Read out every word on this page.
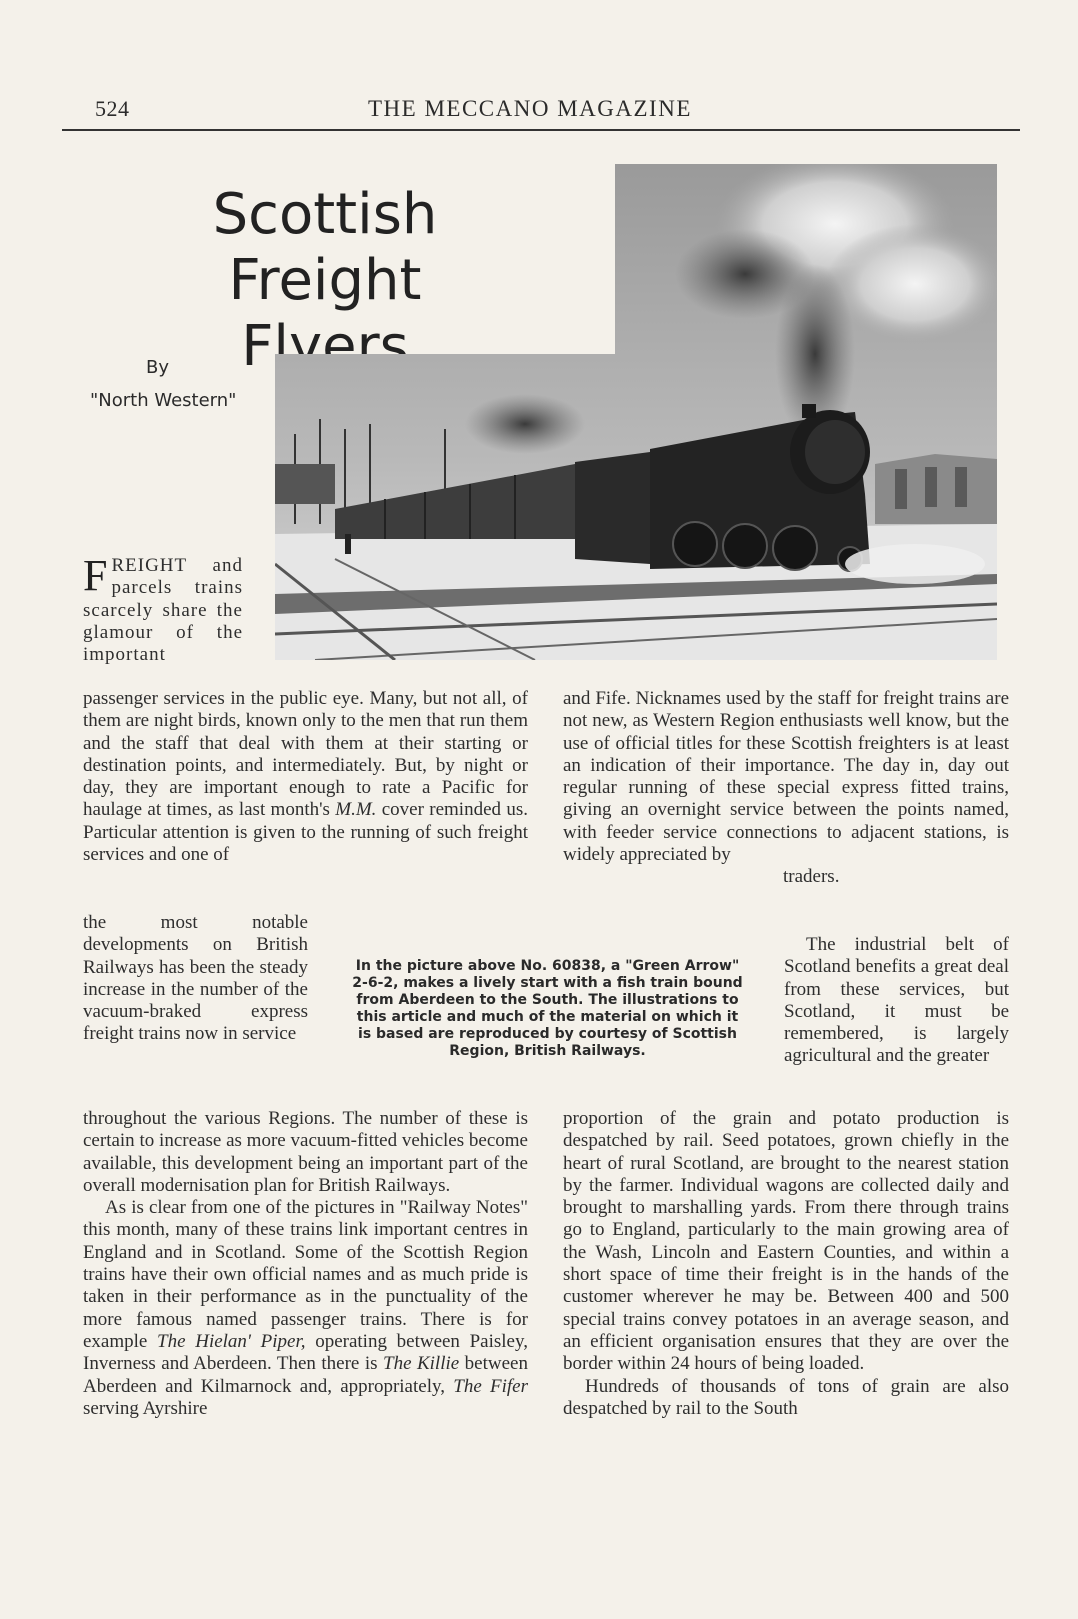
524	THE MECCANO MAGAZINE
Scottish Freight
Flyers
By
"North Western"
FREIGHT and parcels trains scarcely share the glamour of the important

passenger services in the public eye. Many, but not all, of them are night birds, known only to the men that run them and the staff that deal with them at their starting or destination points, and intermediately. But, by night or day, they are important enough to rate a Pacific for haulage at times, as last month's M.M. cover reminded us. Particular attention is given to the running of such freight services and one of

the most notable developments on British Railways has been the steady increase in the number of the vacuum-braked express freight trains now in service

throughout the various Regions. The number of these is certain to increase as more vacuum-fitted vehicles become available, this development being an important part of the overall modernisation plan for British Railways.

As is clear from one of the pictures in "Railway Notes" this month, many of these trains link important centres in England and in Scotland. Some of the Scottish Region trains have their own official names and as much pride is taken in their performance as in the punctuality of the more famous named passenger trains. There is for example The Hielan' Piper, operating between Paisley, Inverness and Aberdeen. Then there is The Killie between Aberdeen and Kilmarnock and, appropriately, The Fifer serving Ayrshire

and Fife. Nicknames used by the staff for freight trains are not new, as Western Region enthusiasts well know, but the use of official titles for these Scottish freighters is at least an indication of their importance. The day in, day out regular running of these special express fitted trains, giving an overnight service between the points named, with feeder service connections to adjacent stations, is widely appreciated by

traders.

The industrial belt of Scotland benefits a great deal from these services, but Scotland, it must be remembered, is largely agricultural and the greater

proportion of the grain and potato production is despatched by rail. Seed potatoes, grown chiefly in the heart of rural Scotland, are brought to the nearest station by the farmer. Individual wagons are collected daily and brought to marshalling yards. From there through trains go to England, particularly to the main growing area of the Wash, Lincoln and Eastern Counties, and within a short space of time their freight is in the hands of the customer wherever he may be. Between 400 and 500 special trains convey potatoes in an average season, and an efficient organisation ensures that they are over the border within 24 hours of being loaded.

Hundreds of thousands of tons of grain are also despatched by rail to the South

In the picture above No. 60838, a "Green Arrow" 2-6-2, makes a lively start with a fish train bound from Aberdeen to the South. The illustrations to this article and much of the material on which it is based are reproduced by courtesy of Scottish Region, British Railways.
